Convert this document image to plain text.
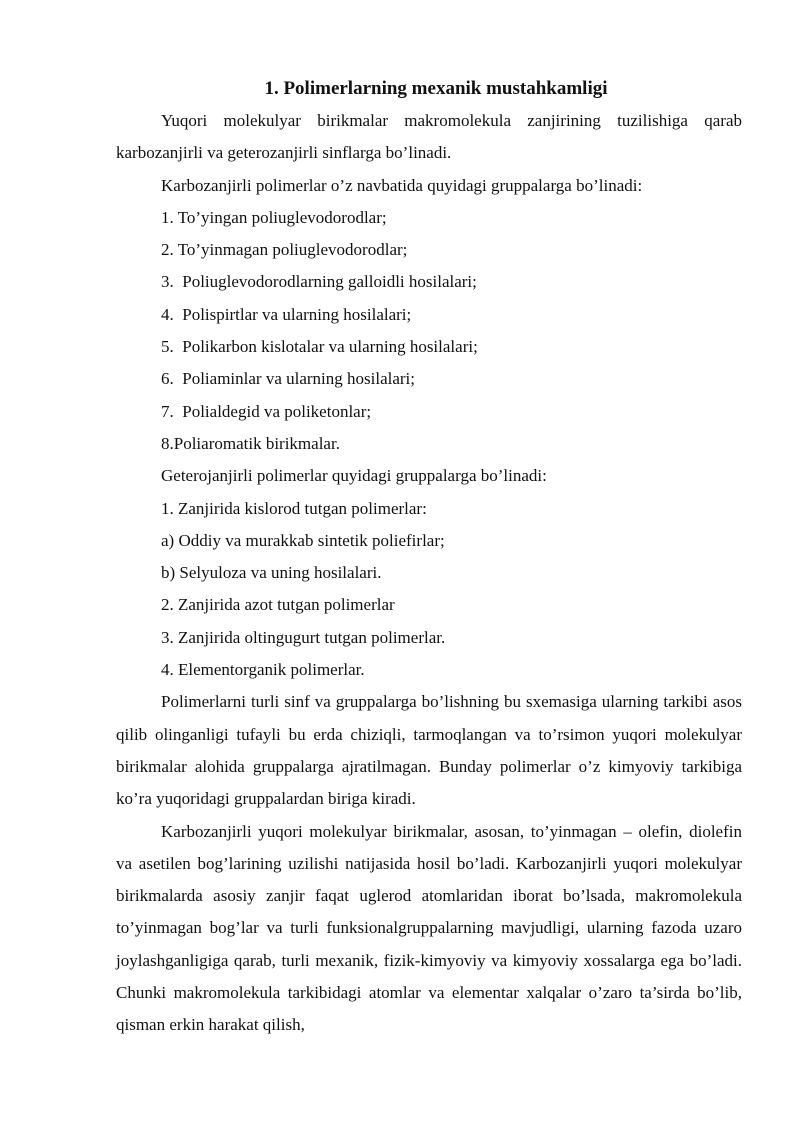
1. Polimerlarning mexanik mustahkamligi

Yuqori molekulyar birikmalar makromolekula zanjirining tuzilishiga qarab karbozanjirli va geterozanjirli sinflarga bo’linadi.

Karbozanjirli polimerlar o’z navbatida quyidagi gruppalarga bo’linadi:

1. To’yingan poliuglevodorodlar;
2. To’yinmagan poliuglevodorodlar;
3.  Poliuglevodorodlarning galloidli hosilalari;
4.  Polispirtlar va ularning hosilalari;
5.  Polikarbon kislotalar va ularning hosilalari;
6.  Poliaminlar va ularning hosilalari;
7.  Polialdegid va poliketonlar;
8.Poliaromatik birikmalar.

Geterojanjirli polimerlar quyidagi gruppalarga bo’linadi:

1. Zanjirida kislorod tutgan polimerlar:
a) Oddiy va murakkab sintetik poliefirlar;
b) Selyuloza va uning hosilalari.
2. Zanjirida azot tutgan polimerlar
3. Zanjirida oltingugurt tutgan polimerlar.
4. Elementorganik polimerlar.

Polimerlarni turli sinf va gruppalarga bo’lishning bu sxemasiga ularning tarkibi asos qilib olinganligi tufayli bu erda chiziqli, tarmoqlangan va to’rsimon yuqori molekulyar birikmalar alohida gruppalarga ajratilmagan. Bunday polimerlar o’z kimyoviy tarkibiga ko’ra yuqoridagi gruppalardan biriga kiradi.

Karbozanjirli yuqori molekulyar birikmalar, asosan, to’yinmagan – olefin, diolefin va asetilen bog’larining uzilishi natijasida hosil bo’ladi. Karbozanjirli yuqori molekulyar birikmalarda asosiy zanjir faqat uglerod atomlaridan iborat bo’lsada, makromolekula to’yinmagan bog’lar va turli funksionalgruppalarning mavjudligi, ularning fazoda uzaro joylashganligiga qarab, turli mexanik, fizik-kimyoviy va kimyoviy xossalarga ega bo’ladi. Chunki makromolekula tarkibidagi atomlar va elementar xalqalar o’zaro ta’sirda bo’lib, qisman erkin harakat qilish,
